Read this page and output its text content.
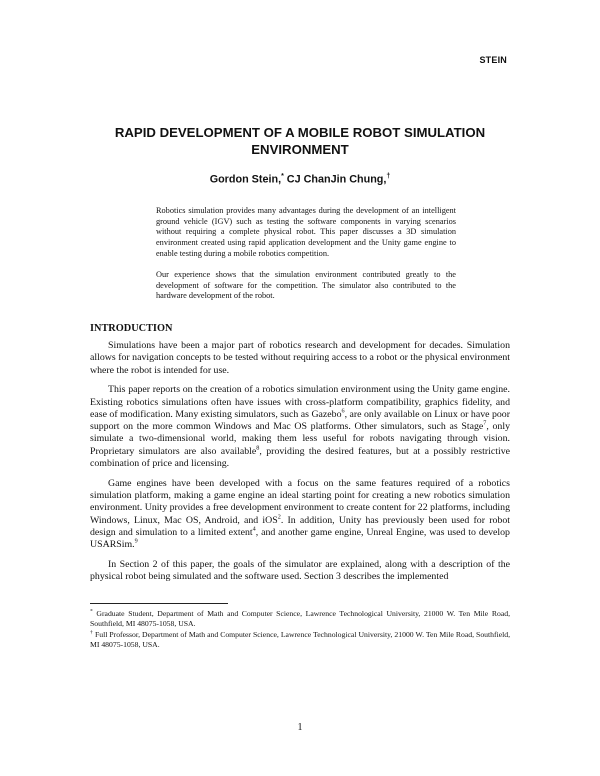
STEIN
RAPID DEVELOPMENT OF A MOBILE ROBOT SIMULATION ENVIRONMENT
Gordon Stein,* CJ ChanJin Chung,†

Robotics simulation provides many advantages during the development of an intelligent ground vehicle (IGV) such as testing the software components in varying scenarios without requiring a complete physical robot. This paper discusses a 3D simulation environment created using rapid application development and the Unity game engine to enable testing during a mobile robotics competition.

Our experience shows that the simulation environment contributed greatly to the development of software for the competition. The simulator also contributed to the hardware development of the robot.

INTRODUCTION

Simulations have been a major part of robotics research and development for decades. Simulation allows for navigation concepts to be tested without requiring access to a robot or the physical environment where the robot is intended for use.

This paper reports on the creation of a robotics simulation environment using the Unity game engine. Existing robotics simulations often have issues with cross-platform compatibility, graphics fidelity, and ease of modification. Many existing simulators, such as Gazebo$^6$, are only available on Linux or have poor support on the more common Windows and Mac OS platforms. Other simulators, such as Stage$^7$, only simulate a two-dimensional world, making them less useful for robots navigating through vision. Proprietary simulators are also available$^8$, providing the desired features, but at a possibly restrictive combination of price and licensing.

Game engines have been developed with a focus on the same features required of a robotics simulation platform, making a game engine an ideal starting point for creating a new robotics simulation environment. Unity provides a free development environment to create content for 22 platforms, including Windows, Linux, Mac OS, Android, and iOS$^2$. In addition, Unity has previously been used for robot design and simulation to a limited extent$^4$, and another game engine, Unreal Engine, was used to develop USARSim.$^9$

In Section 2 of this paper, the goals of the simulator are explained, along with a description of the physical robot being simulated and the software used. Section 3 describes the implemented

* Graduate Student, Department of Math and Computer Science, Lawrence Technological University, 21000 W. Ten Mile Road, Southfield, MI 48075-1058, USA.

† Full Professor, Department of Math and Computer Science, Lawrence Technological University, 21000 W. Ten Mile Road, Southfield, MI 48075-1058, USA.

1
